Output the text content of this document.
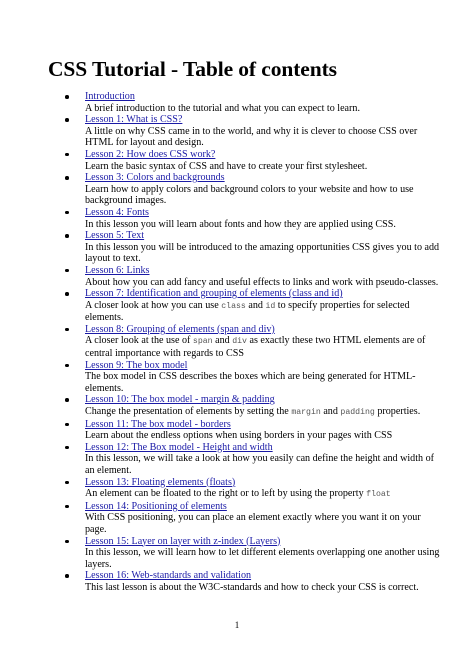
CSS Tutorial - Table of contents
Introduction
A brief introduction to the tutorial and what you can expect to learn.
Lesson 1: What is CSS?
A little on why CSS came in to the world, and why it is clever to choose CSS over HTML for layout and design.
Lesson 2: How does CSS work?
Learn the basic syntax of CSS and have to create your first stylesheet.
Lesson 3: Colors and backgrounds
Learn how to apply colors and background colors to your website and how to use background images.
Lesson 4: Fonts
In this lesson you will learn about fonts and how they are applied using CSS.
Lesson 5: Text
In this lesson you will be introduced to the amazing opportunities CSS gives you to add layout to text.
Lesson 6: Links
About how you can add fancy and useful effects to links and work with pseudo-classes.
Lesson 7: Identification and grouping of elements (class and id)
A closer look at how you can use class and id to specify properties for selected elements.
Lesson 8: Grouping of elements (span and div)
A closer look at the use of span and div as exactly these two HTML elements are of central importance with regards to CSS
Lesson 9: The box model
The box model in CSS describes the boxes which are being generated for HTML-elements.
Lesson 10: The box model - margin & padding
Change the presentation of elements by setting the margin and padding properties.
Lesson 11: The box model - borders
Learn about the endless options when using borders in your pages with CSS
Lesson 12: The Box model - Height and width
In this lesson, we will take a look at how you easily can define the height and width of an element.
Lesson 13: Floating elements (floats)
An element can be floated to the right or to left by using the property float
Lesson 14: Positioning of elements
With CSS positioning, you can place an element exactly where you want it on your page.
Lesson 15: Layer on layer with z-index (Layers)
In this lesson, we will learn how to let different elements overlapping one another using layers.
Lesson 16: Web-standards and validation
This last lesson is about the W3C-standards and how to check your CSS is correct.
1
